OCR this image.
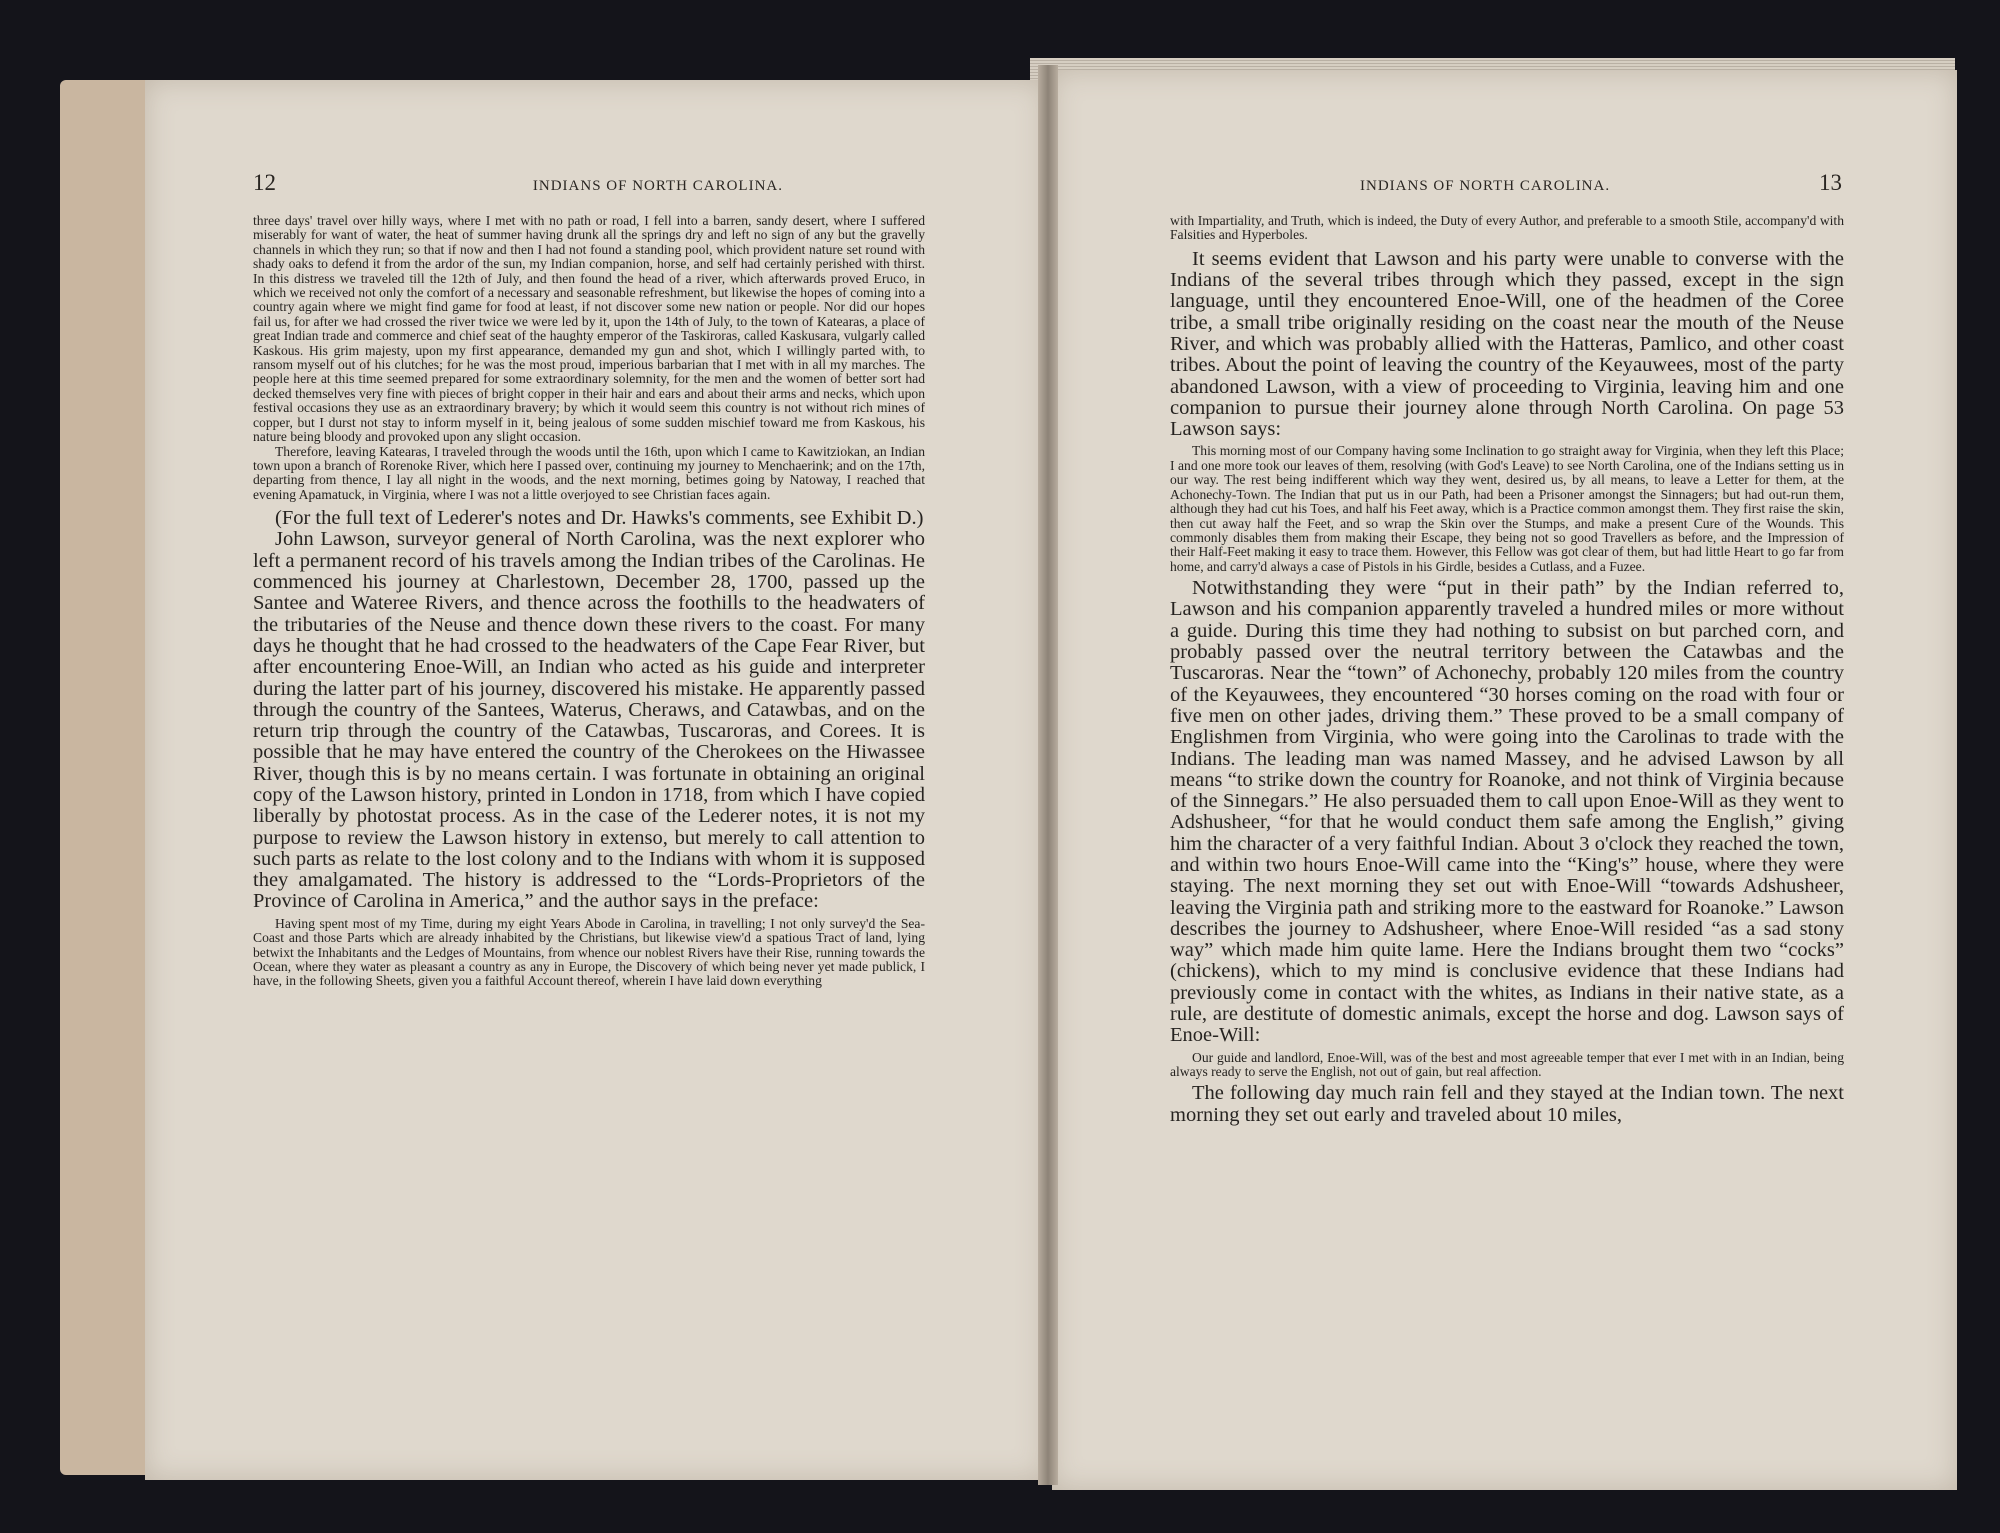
12	INDIANS OF NORTH CAROLINA.

three days' travel over hilly ways, where I met with no path or road, I fell into a barren, sandy desert, where I suffered miserably for want of water, the heat of summer having drunk all the springs dry and left no sign of any but the gravelly channels in which they run; so that if now and then I had not found a standing pool, which provident nature set round with shady oaks to defend it from the ardor of the sun, my Indian companion, horse, and self had certainly perished with thirst. In this distress we traveled till the 12th of July, and then found the head of a river, which afterwards proved Eruco, in which we received not only the comfort of a necessary and seasonable refreshment, but likewise the hopes of coming into a country again where we might find game for food at least, if not discover some new nation or people. Nor did our hopes fail us, for after we had crossed the river twice we were led by it, upon the 14th of July, to the town of Katearas, a place of great Indian trade and commerce and chief seat of the haughty emperor of the Taskiroras, called Kaskusara, vulgarly called Kaskous. His grim majesty, upon my first appearance, demanded my gun and shot, which I willingly parted with, to ransom myself out of his clutches; for he was the most proud, imperious barbarian that I met with in all my marches. The people here at this time seemed prepared for some extraordinary solemnity, for the men and the women of better sort had decked themselves very fine with pieces of bright copper in their hair and ears and about their arms and necks, which upon festival occasions they use as an extraordinary bravery; by which it would seem this country is not without rich mines of copper, but I durst not stay to inform myself in it, being jealous of some sudden mischief toward me from Kaskous, his nature being bloody and provoked upon any slight occasion.

Therefore, leaving Katearas, I traveled through the woods until the 16th, upon which I came to Kawitziokan, an Indian town upon a branch of Rorenoke River, which here I passed over, continuing my journey to Menchaerink; and on the 17th, departing from thence, I lay all night in the woods, and the next morning, betimes going by Natoway, I reached that evening Apamatuck, in Virginia, where I was not a little overjoyed to see Christian faces again.

(For the full text of Lederer's notes and Dr. Hawks's comments, see Exhibit D.)

John Lawson, surveyor general of North Carolina, was the next explorer who left a permanent record of his travels among the Indian tribes of the Carolinas. He commenced his journey at Charlestown, December 28, 1700, passed up the Santee and Wateree Rivers, and thence across the foothills to the headwaters of the tributaries of the Neuse and thence down these rivers to the coast. For many days he thought that he had crossed to the headwaters of the Cape Fear River, but after encountering Enoe-Will, an Indian who acted as his guide and interpreter during the latter part of his journey, discovered his mistake. He apparently passed through the country of the Santees, Waterus, Cheraws, and Catawbas, and on the return trip through the country of the Catawbas, Tuscaroras, and Corees. It is possible that he may have entered the country of the Cherokees on the Hiwassee River, though this is by no means certain. I was fortunate in obtaining an original copy of the Lawson history, printed in London in 1718, from which I have copied liberally by photostat process. As in the case of the Lederer notes, it is not my purpose to review the Lawson history in extenso, but merely to call attention to such parts as relate to the lost colony and to the Indians with whom it is supposed they amalgamated. The history is addressed to the “Lords-Proprietors of the Province of Carolina in America,” and the author says in the preface:

Having spent most of my Time, during my eight Years Abode in Carolina, in travelling; I not only survey'd the Sea-Coast and those Parts which are already inhabited by the Christians, but likewise view'd a spatious Tract of land, lying betwixt the Inhabitants and the Ledges of Mountains, from whence our noblest Rivers have their Rise, running towards the Ocean, where they water as pleasant a country as any in Europe, the Discovery of which being never yet made publick, I have, in the following Sheets, given you a faithful Account thereof, wherein I have laid down everything

INDIANS OF NORTH CAROLINA.	13

with Impartiality, and Truth, which is indeed, the Duty of every Author, and preferable to a smooth Stile, accompany'd with Falsities and Hyperboles.

It seems evident that Lawson and his party were unable to converse with the Indians of the several tribes through which they passed, except in the sign language, until they encountered Enoe-Will, one of the headmen of the Coree tribe, a small tribe originally residing on the coast near the mouth of the Neuse River, and which was probably allied with the Hatteras, Pamlico, and other coast tribes. About the point of leaving the country of the Keyauwees, most of the party abandoned Lawson, with a view of proceeding to Virginia, leaving him and one companion to pursue their journey alone through North Carolina. On page 53 Lawson says:

This morning most of our Company having some Inclination to go straight away for Virginia, when they left this Place; I and one more took our leaves of them, resolving (with God's Leave) to see North Carolina, one of the Indians setting us in our way. The rest being indifferent which way they went, desired us, by all means, to leave a Letter for them, at the Achonechy-Town. The Indian that put us in our Path, had been a Prisoner amongst the Sinnagers; but had out-run them, although they had cut his Toes, and half his Feet away, which is a Practice common amongst them. They first raise the skin, then cut away half the Feet, and so wrap the Skin over the Stumps, and make a present Cure of the Wounds. This commonly disables them from making their Escape, they being not so good Travellers as before, and the Impression of their Half-Feet making it easy to trace them. However, this Fellow was got clear of them, but had little Heart to go far from home, and carry'd always a case of Pistols in his Girdle, besides a Cutlass, and a Fuzee.

Notwithstanding they were “put in their path” by the Indian referred to, Lawson and his companion apparently traveled a hundred miles or more without a guide. During this time they had nothing to subsist on but parched corn, and probably passed over the neutral territory between the Catawbas and the Tuscaroras. Near the “town” of Achonechy, probably 120 miles from the country of the Keyauwees, they encountered “30 horses coming on the road with four or five men on other jades, driving them.” These proved to be a small company of Englishmen from Virginia, who were going into the Carolinas to trade with the Indians. The leading man was named Massey, and he advised Lawson by all means “to strike down the country for Roanoke, and not think of Virginia because of the Sinnegars.” He also persuaded them to call upon Enoe-Will as they went to Adshusheer, “for that he would conduct them safe among the English,” giving him the character of a very faithful Indian. About 3 o'clock they reached the town, and within two hours Enoe-Will came into the “King's” house, where they were staying. The next morning they set out with Enoe-Will “towards Adshusheer, leaving the Virginia path and striking more to the eastward for Roanoke.” Lawson describes the journey to Adshusheer, where Enoe-Will resided “as a sad stony way” which made him quite lame. Here the Indians brought them two “cocks” (chickens), which to my mind is conclusive evidence that these Indians had previously come in contact with the whites, as Indians in their native state, as a rule, are destitute of domestic animals, except the horse and dog. Lawson says of Enoe-Will:

Our guide and landlord, Enoe-Will, was of the best and most agreeable temper that ever I met with in an Indian, being always ready to serve the English, not out of gain, but real affection.

The following day much rain fell and they stayed at the Indian town. The next morning they set out early and traveled about 10 miles,
